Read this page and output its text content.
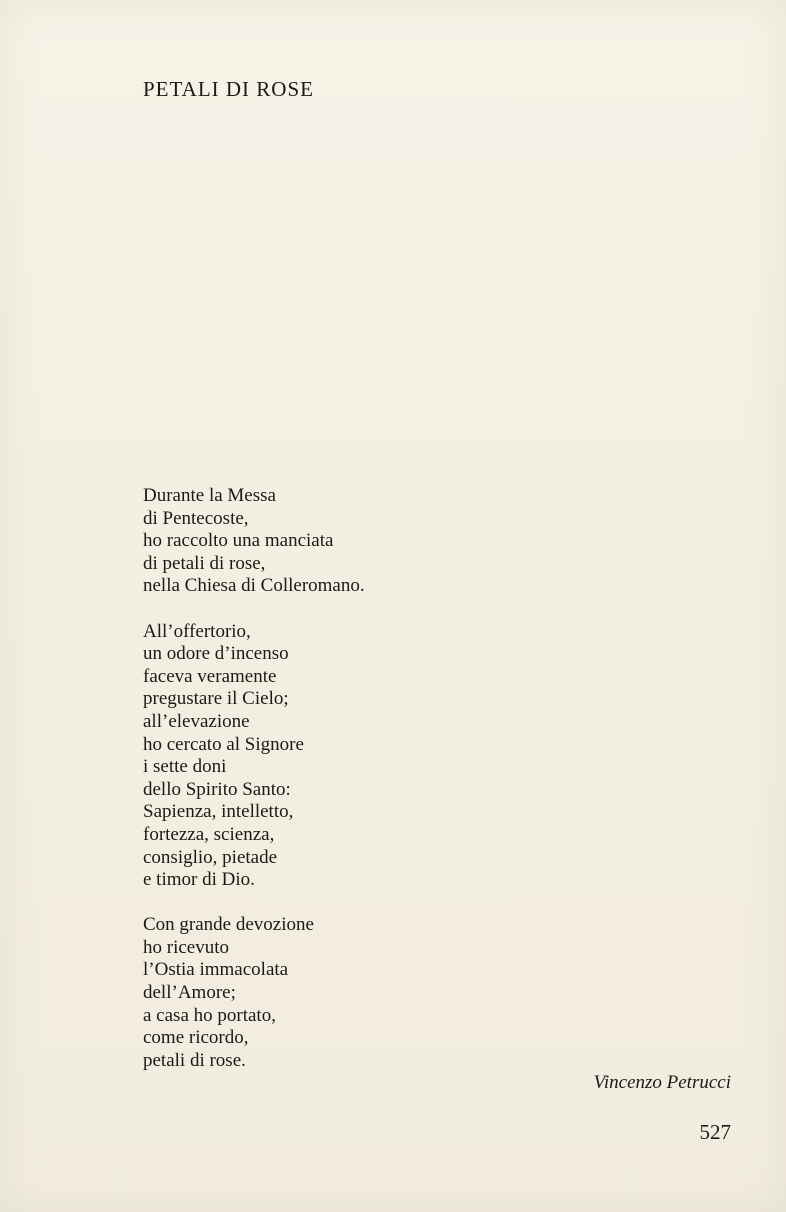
PETALI DI ROSE
Durante la Messa
di Pentecoste,
ho raccolto una manciata
di petali di rose,
nella Chiesa di Colleromano.
All’offertorio,
un odore d’incenso
faceva veramente
pregustare il Cielo;
all’elevazione
ho cercato al Signore
i sette doni
dello Spirito Santo:
Sapienza, intelletto,
fortezza, scienza,
consiglio, pietade
e timor di Dio.
Con grande devozione
ho ricevuto
l’Ostia immacolata
dell’Amore;
a casa ho portato,
come ricordo,
petali di rose.
Vincenzo Petrucci
527
